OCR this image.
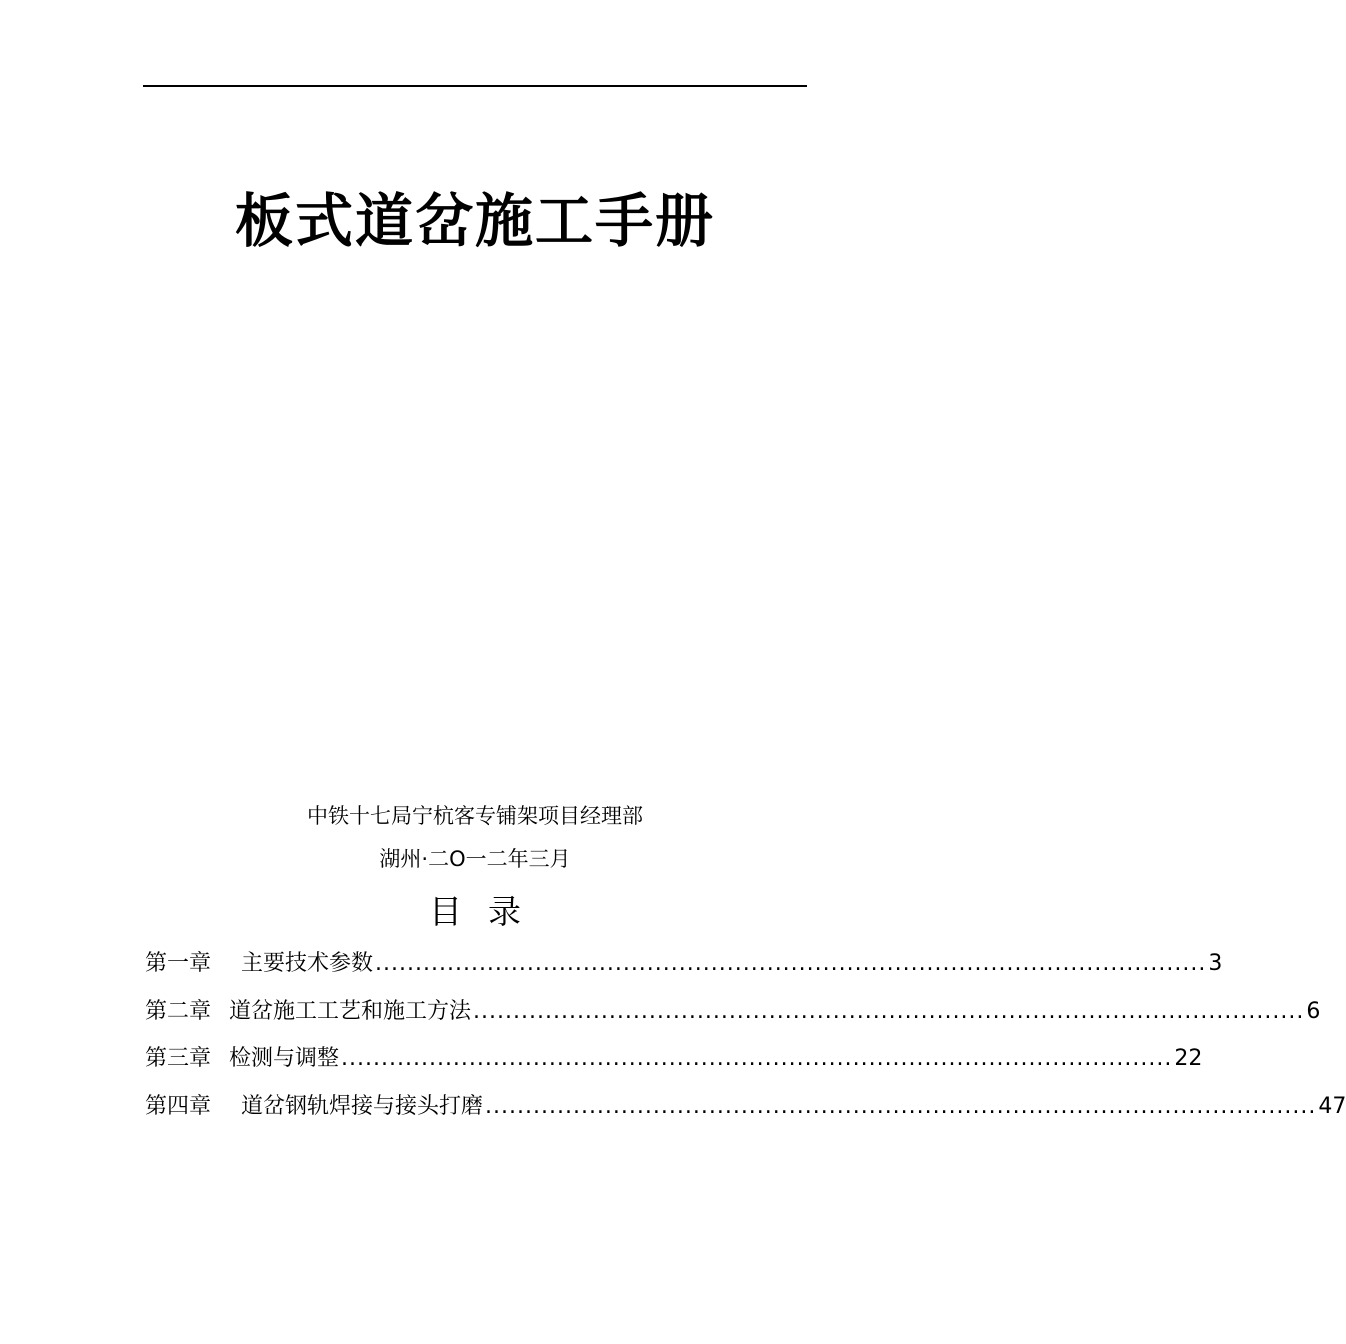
板式道岔施工手册
中铁十七局宁杭客专铺架项目经理部
湖州·二O一二年三月
目 录
第一章 主要技术参数 ........................................................................................................ 3
第二章 道岔施工工艺和施工方法 ........................................................................................................ 6
第三章 检测与调整 ........................................................................................................ 22
第四章 道岔钢轨焊接与接头打磨 ........................................................................................................ 47
